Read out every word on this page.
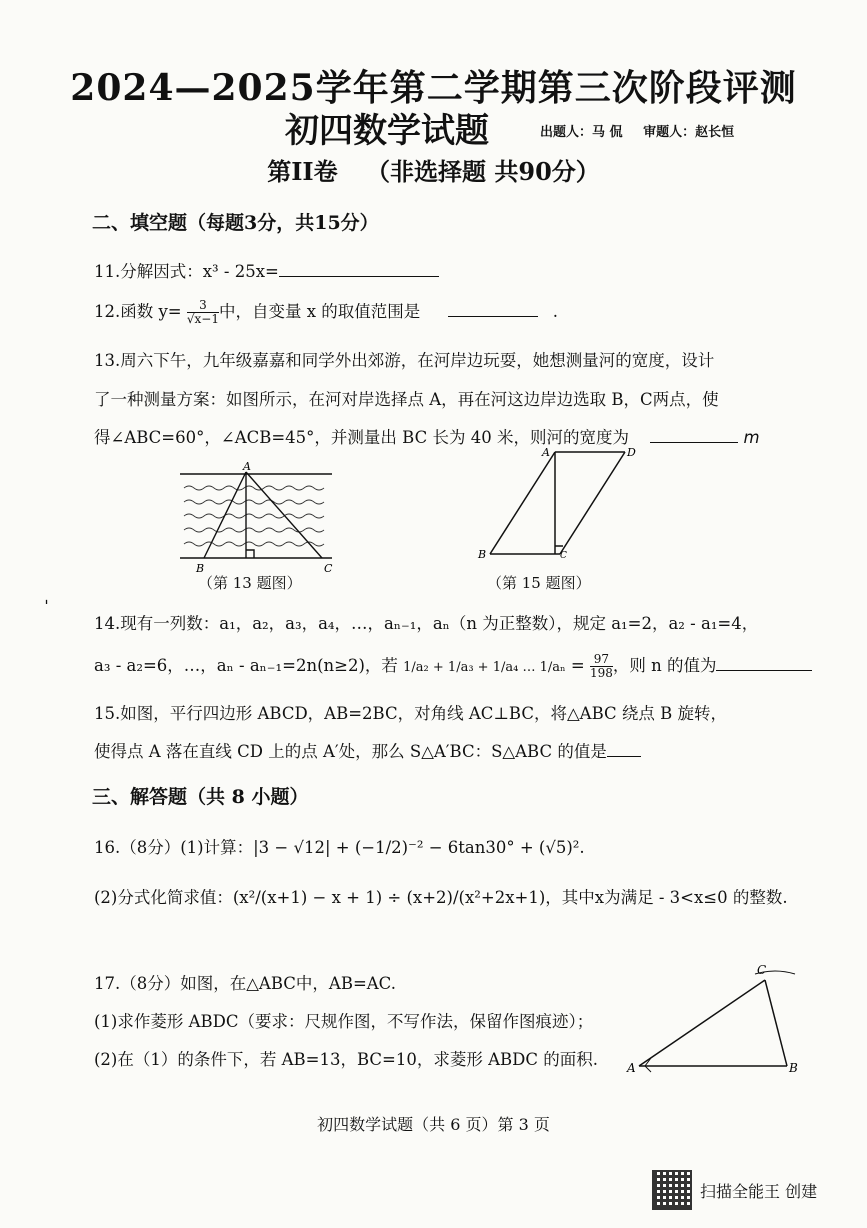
2024—2025学年第二学期第三次阶段评测
初四数学试题	出题人：马 侃 审题人：赵长恒
第II卷 （非选择题 共90分）
二、填空题（每题3分，共15分）
11.分解因式：x³ - 25x=
12.函数 $y= \frac{3}{√x-1}$ 中，自变量 x 的取值范围是	.
13.周六下午，九年级嘉嘉和同学外出郊游，在河岸边玩耍，她想测量河的宽度，设计
了一种测量方案：如图所示，在河对岸选择点 A，再在河这边岸边选取 B，C两点，使
得∠ABC=60°，∠ACB=45°，并测量出 BC 长为 40 米，则河的宽度为	m
A
B	C
（第 13 题图）
A	D
B	C
（第 15 题图）
ˌ
14.现有一列数：a₁，a₂，a₃，a₄，…，aₙ₋₁，aₙ（n 为正整数），规定 a₁=2，a₂ - a₁=4，
a₃ - a₂=6，…，aₙ - aₙ₋₁=2n(n≥2)，若 1/a₂ + 1/a₃ + 1/a₄ … $1/a_n = \frac{97}{198}$ ，则 n 的值为
15.如图，平行四边形 ABCD，AB=2BC，对角线 AC⊥BC，将△ABC 绕点 B 旋转，
使得点 A 落在直线 CD 上的点 A′处，那么 S△A′BC：S△ABC 的值是
三、解答题（共 8 小题）
16.（8分）(1)计算：|3 − √12| + (−1/2)⁻² − 6tan30° + (√5)².
(2)分式化简求值：(x²/(x+1) − x + 1) ÷ (x+2)/(x²+2x+1)，其中x为满足 - 3<x≤0 的整数.
17.（8分）如图，在△ABC中，AB=AC.
(1)求作菱形 ABDC（要求：尺规作图，不写作法，保留作图痕迹）；
(2)在（1）的条件下，若 AB=13，BC=10，求菱形 ABDC 的面积.
C
A	B
初四数学试题（共 6 页）第 3 页
扫描全能王 创建
